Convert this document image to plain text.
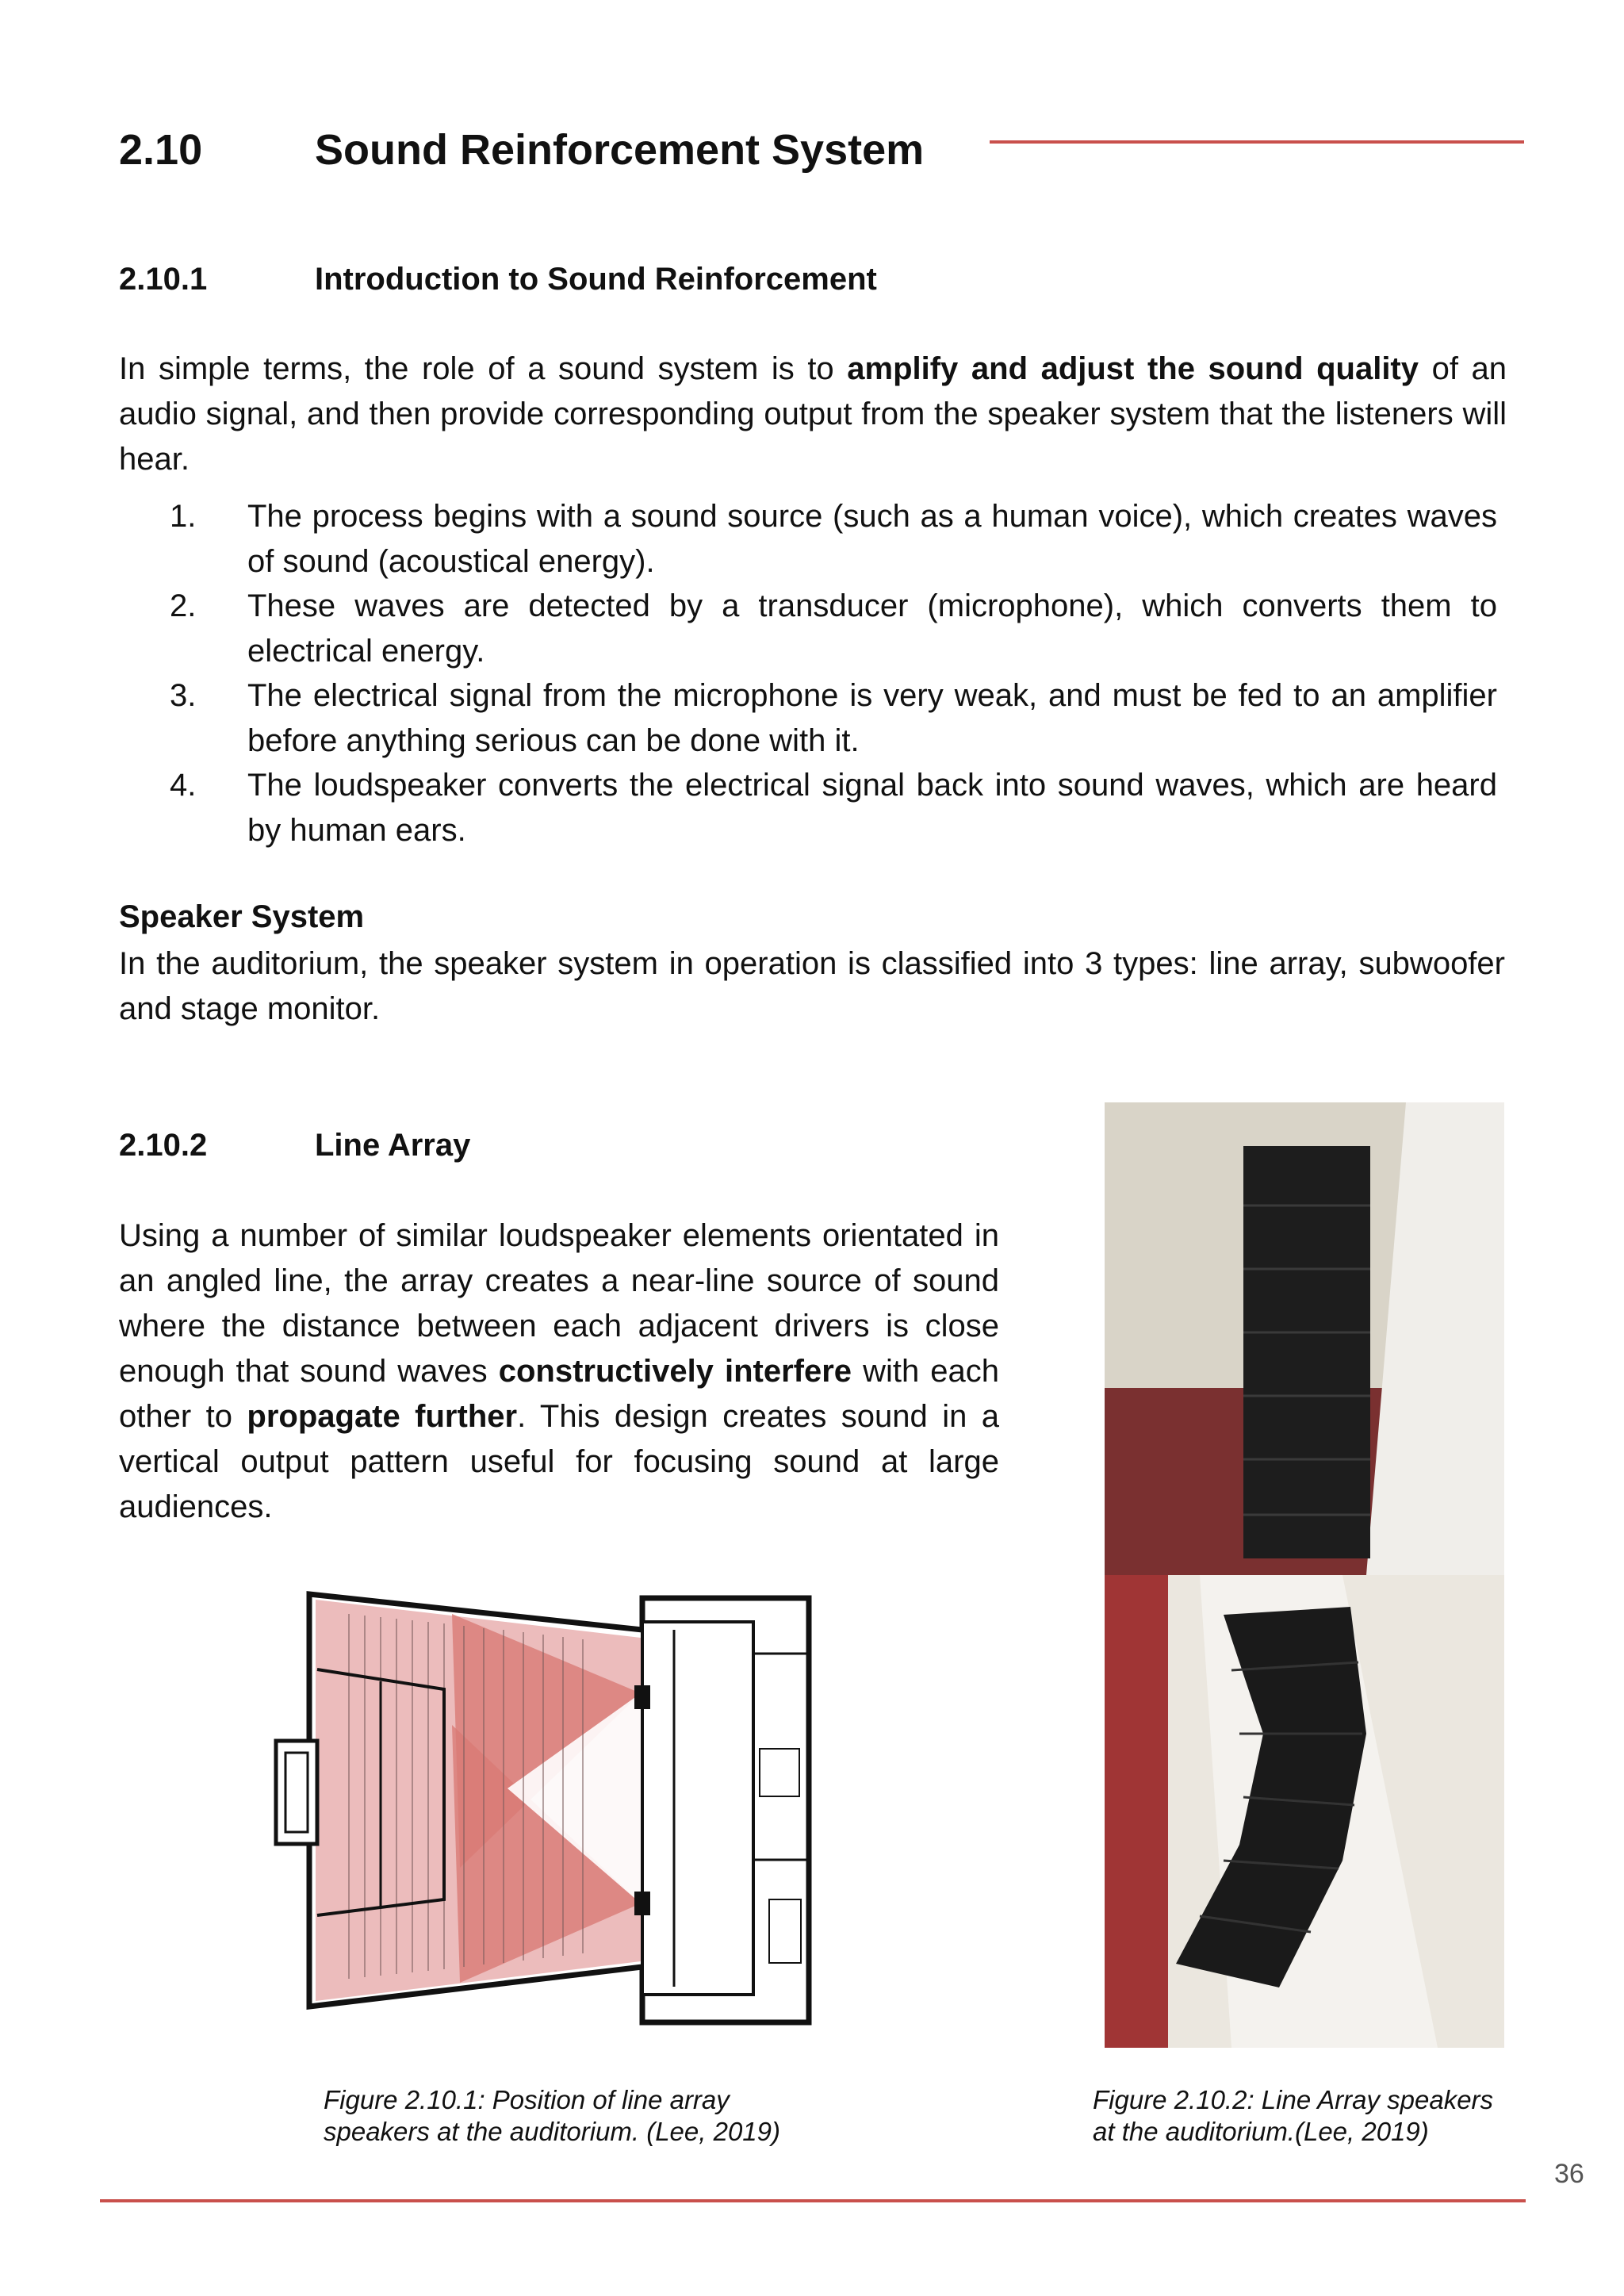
2.10	Sound Reinforcement System
2.10.1	Introduction to Sound Reinforcement
In simple terms, the role of a sound system is to amplify and adjust the sound quality of an audio signal, and then provide corresponding output from the speaker system that the listeners will hear.
1.	The process begins with a sound source (such as a human voice), which creates waves of sound (acoustical energy).
2.	These waves are detected by a transducer (microphone), which converts them to electrical energy.
3.	The electrical signal from the microphone is very weak, and must be fed to an amplifier before anything serious can be done with it.
4.	The loudspeaker converts the electrical signal back into sound waves, which are heard by human ears.
Speaker System
In the auditorium, the speaker system in operation is classified into 3 types: line array, subwoofer and stage monitor.
2.10.2	Line Array
Using a number of similar loudspeaker elements orientated in an angled line, the array creates a near-line source of sound where the distance between each adjacent drivers is close enough that sound waves constructively interfere with each other to propagate further. This design creates sound in a vertical output pattern useful for focusing sound at large audiences.
Figure 2.10.1: Position of line array speakers at the auditorium. (Lee, 2019)
Figure 2.10.2: Line Array speakers at the auditorium.(Lee, 2019)
36
